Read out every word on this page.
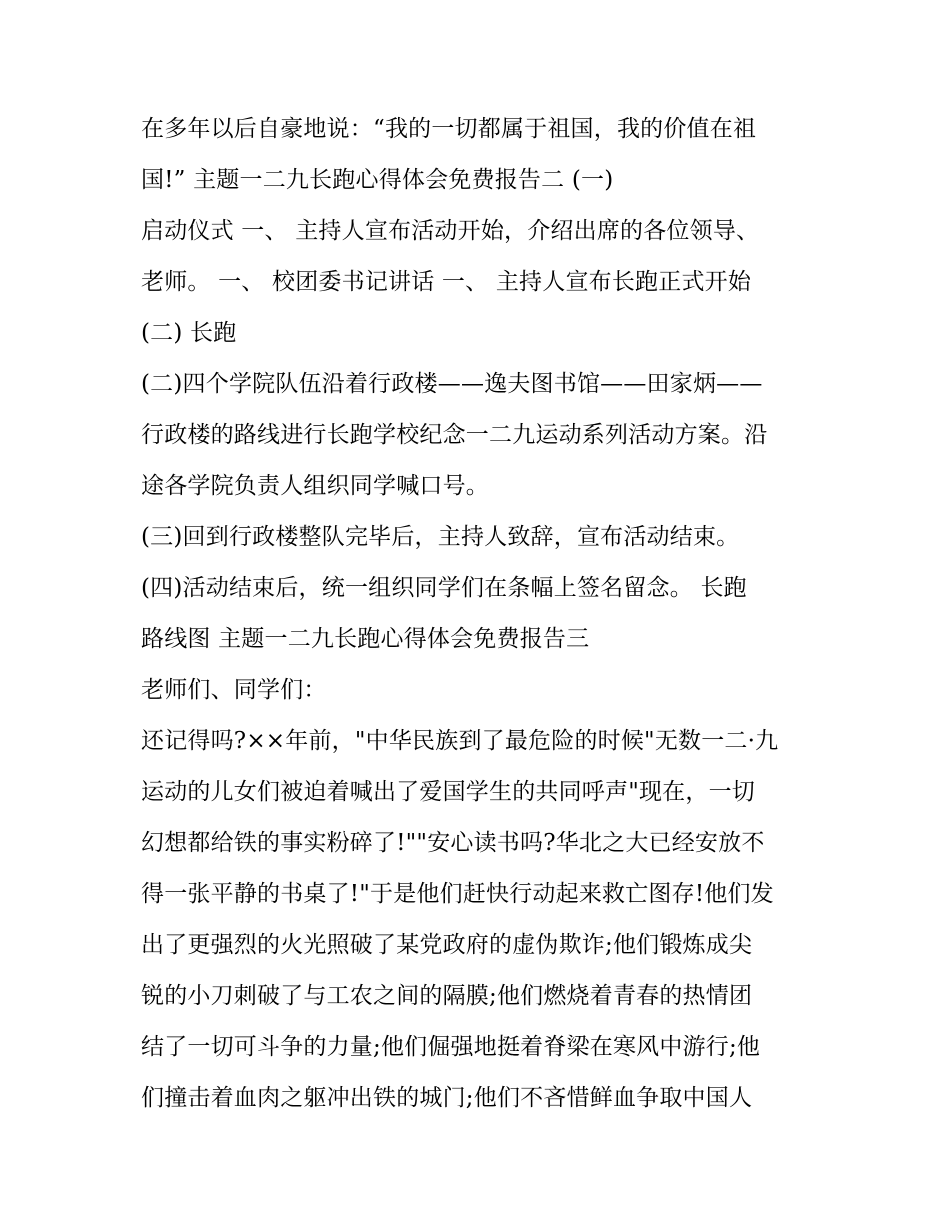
在多年以后自豪地说：“我的一切都属于祖国，我的价值在祖
国!” 主题一二九长跑心得体会免费报告二 (一)
启动仪式 一、 主持人宣布活动开始，介绍出席的各位领导、
老师。 一、 校团委书记讲话 一、 主持人宣布长跑正式开始
(二) 长跑
(二)四个学院队伍沿着行政楼——逸夫图书馆——田家炳——
行政楼的路线进行长跑学校纪念一二九运动系列活动方案。沿
途各学院负责人组织同学喊口号。
(三)回到行政楼整队完毕后，主持人致辞，宣布活动结束。
(四)活动结束后，统一组织同学们在条幅上签名留念。 长跑
路线图 主题一二九长跑心得体会免费报告三
老师们、同学们：
还记得吗?××年前，"中华民族到了最危险的时候"无数一二·九
运动的儿女们被迫着喊出了爱国学生的共同呼声"现在，一切
幻想都给铁的事实粉碎了!""安心读书吗?华北之大已经安放不
得一张平静的书桌了!"于是他们赶快行动起来救亡图存!他们发
出了更强烈的火光照破了某党政府的虚伪欺诈;他们锻炼成尖
锐的小刀刺破了与工农之间的隔膜;他们燃烧着青春的热情团
结了一切可斗争的力量;他们倔强地挺着脊梁在寒风中游行;他
们撞击着血肉之躯冲出铁的城门;他们不吝惜鲜血争取中国人
